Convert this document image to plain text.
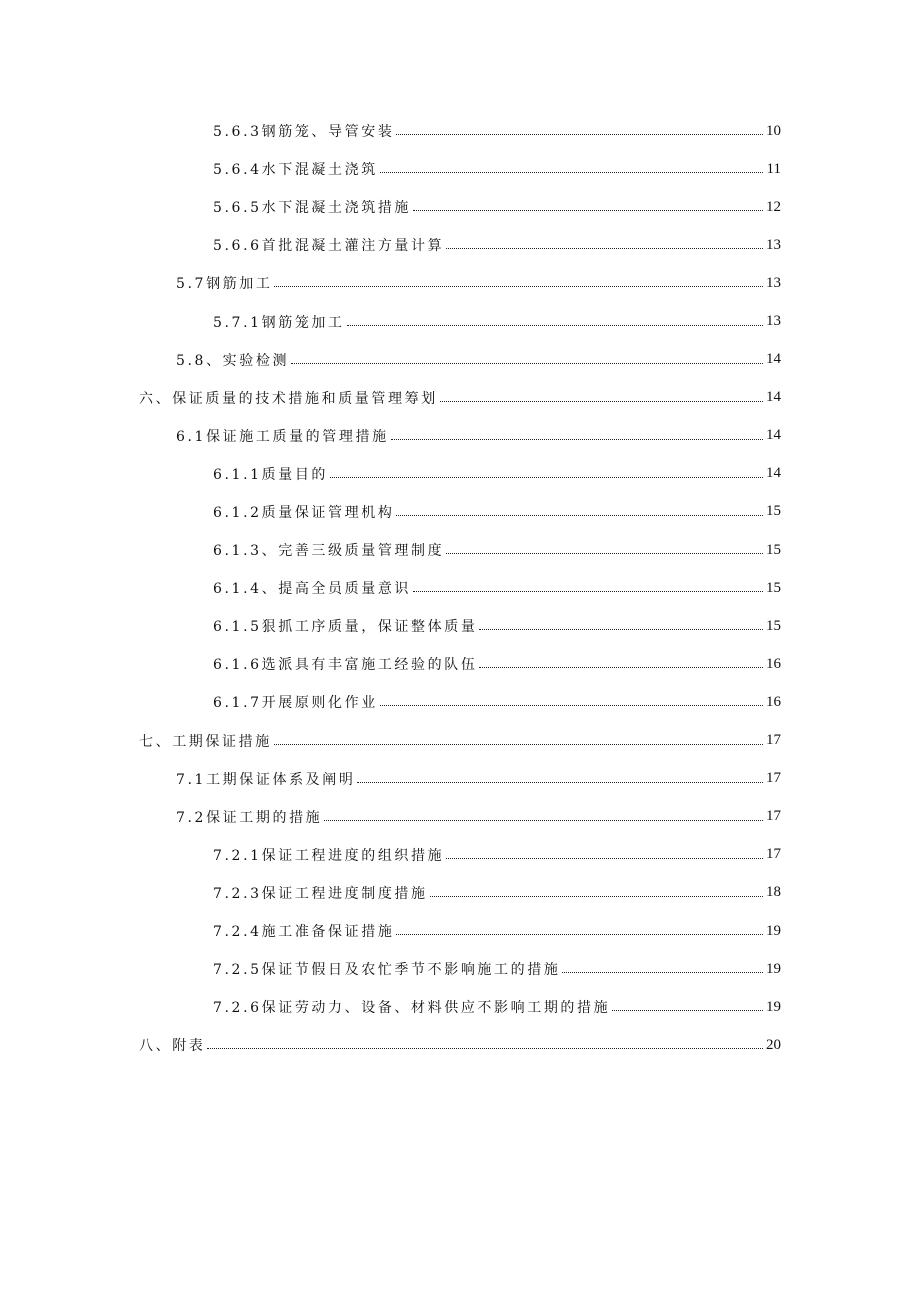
5.6.3钢筋笼、导管安装	10
5.6.4水下混凝土浇筑	11
5.6.5水下混凝土浇筑措施	12
5.6.6首批混凝土灌注方量计算	13
5.7钢筋加工	13
5.7.1钢筋笼加工	13
5.8、实验检测	14
六、保证质量的技术措施和质量管理筹划	14
6.1保证施工质量的管理措施	14
6.1.1质量目的	14
6.1.2质量保证管理机构	15
6.1.3、完善三级质量管理制度	15
6.1.4、提高全员质量意识	15
6.1.5狠抓工序质量，保证整体质量	15
6.1.6选派具有丰富施工经验的队伍	16
6.1.7开展原则化作业	16
七、工期保证措施	17
7.1工期保证体系及阐明	17
7.2保证工期的措施	17
7.2.1保证工程进度的组织措施	17
7.2.3保证工程进度制度措施	18
7.2.4施工准备保证措施	19
7.2.5保证节假日及农忙季节不影响施工的措施	19
7.2.6保证劳动力、设备、材料供应不影响工期的措施	19
八、附表	20
